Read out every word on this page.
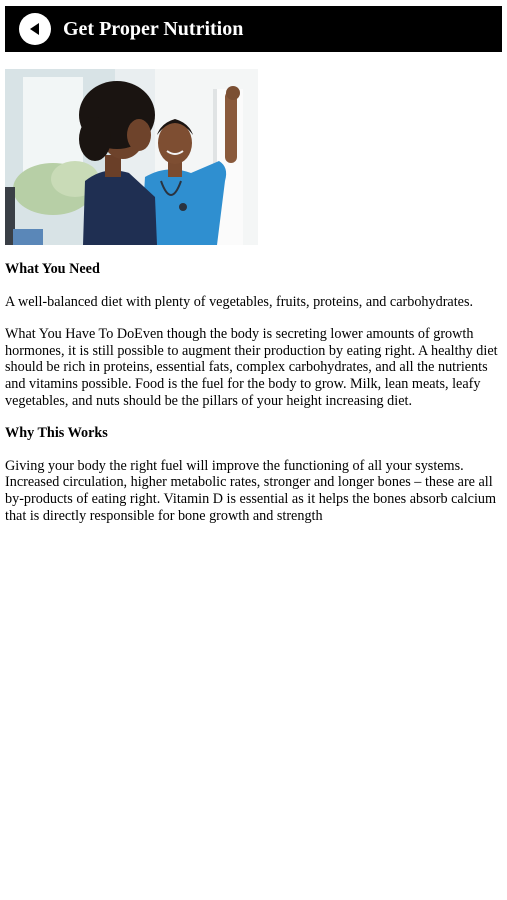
Get Proper Nutrition
What You Need

A well-balanced diet with plenty of vegetables, fruits, proteins, and carbohydrates.

What You Have To DoEven though the body is secreting lower amounts of growth hormones, it is still possible to augment their production by eating right. A healthy diet should be rich in proteins, essential fats, complex carbohydrates, and all the nutrients and vitamins possible. Food is the fuel for the body to grow. Milk, lean meats, leafy vegetables, and nuts should be the pillars of your height increasing diet.

Why This Works

Giving your body the right fuel will improve the functioning of all your systems. Increased circulation, higher metabolic rates, stronger and longer bones – these are all by-products of eating right. Vitamin D is essential as it helps the bones absorb calcium that is directly responsible for bone growth and strength
